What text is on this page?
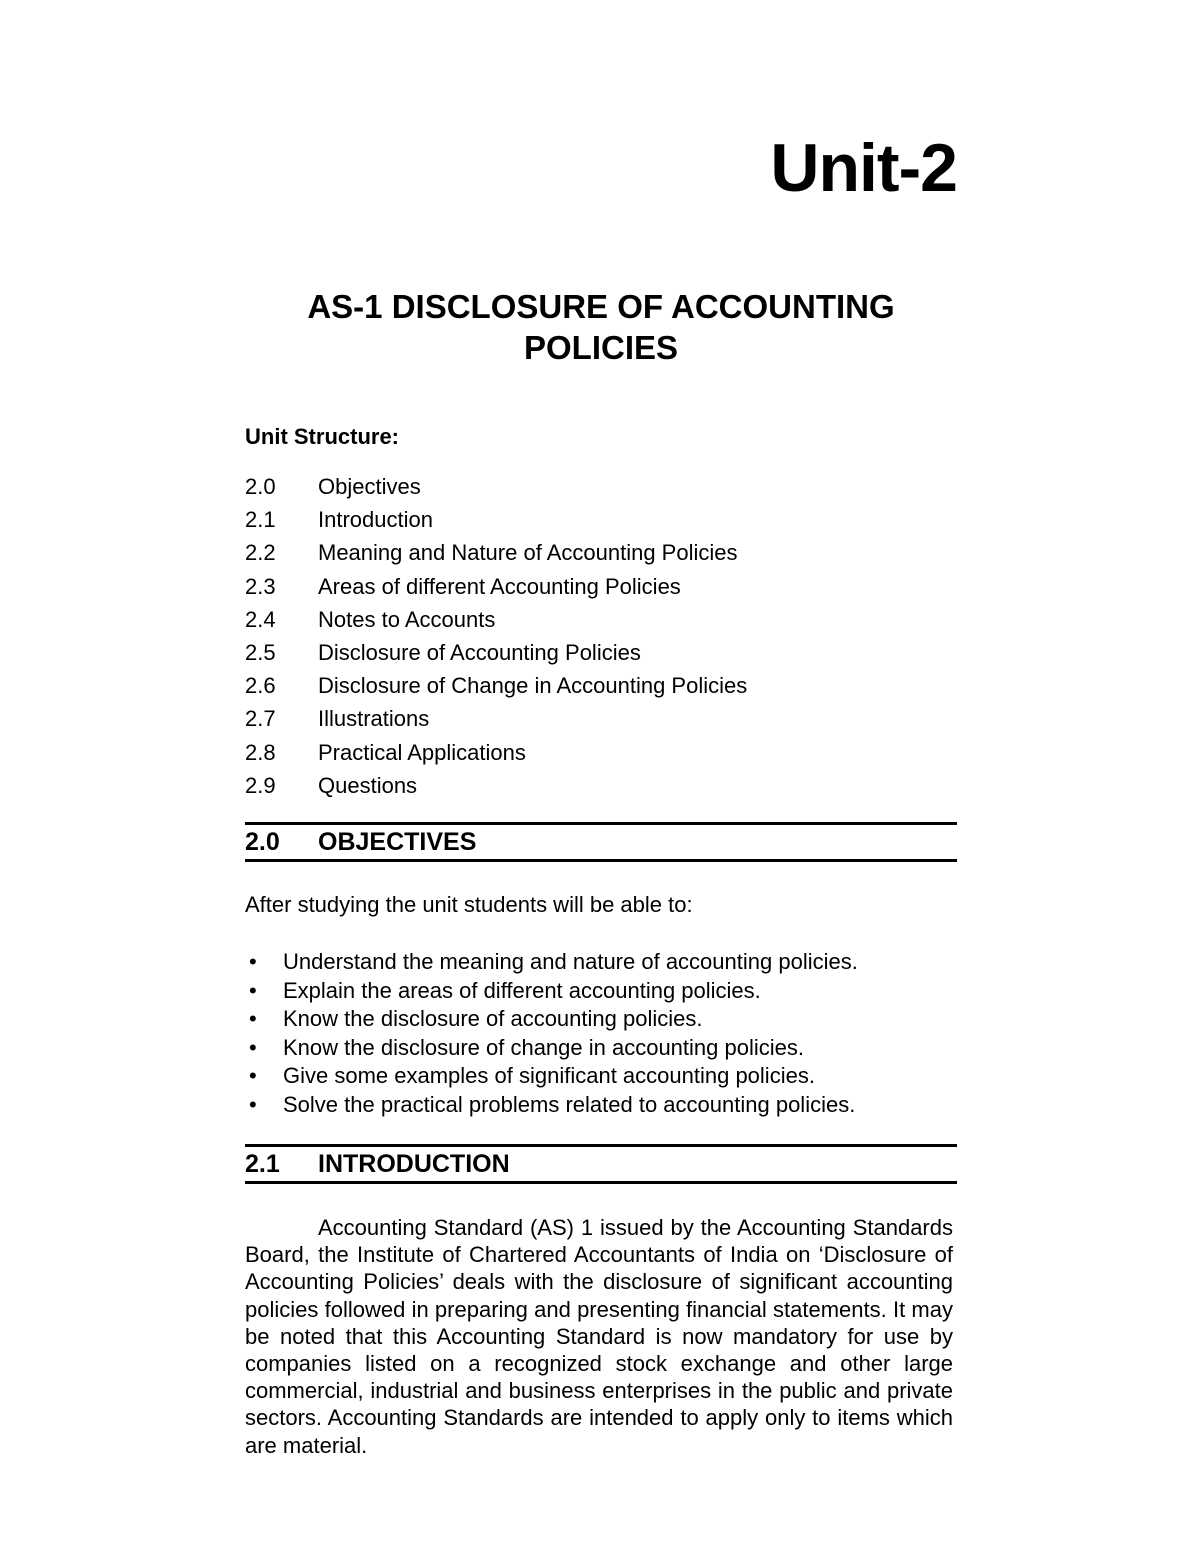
Unit-2
AS-1 DISCLOSURE OF ACCOUNTING
POLICIES
Unit Structure:
2.0 Objectives
2.1 Introduction
2.2 Meaning and Nature of Accounting Policies
2.3 Areas of different Accounting Policies
2.4 Notes to Accounts
2.5 Disclosure of Accounting Policies
2.6 Disclosure of Change in Accounting Policies
2.7 Illustrations
2.8 Practical Applications
2.9 Questions
2.0 OBJECTIVES
After studying the unit students will be able to:
• Understand the meaning and nature of accounting policies.
• Explain the areas of different accounting policies.
• Know the disclosure of accounting policies.
• Know the disclosure of change in accounting policies.
• Give some examples of significant accounting policies.
• Solve the practical problems related to accounting policies.
2.1 INTRODUCTION

Accounting Standard (AS) 1 issued by the Accounting Standards Board, the Institute of Chartered Accountants of India on ‘Disclosure of Accounting Policies’ deals with the disclosure of significant accounting policies followed in preparing and presenting financial statements. It may be noted that this Accounting Standard is now mandatory for use by companies listed on a recognized stock exchange and other large commercial, industrial and business enterprises in the public and private sectors. Accounting Standards are intended to apply only to items which are material.
